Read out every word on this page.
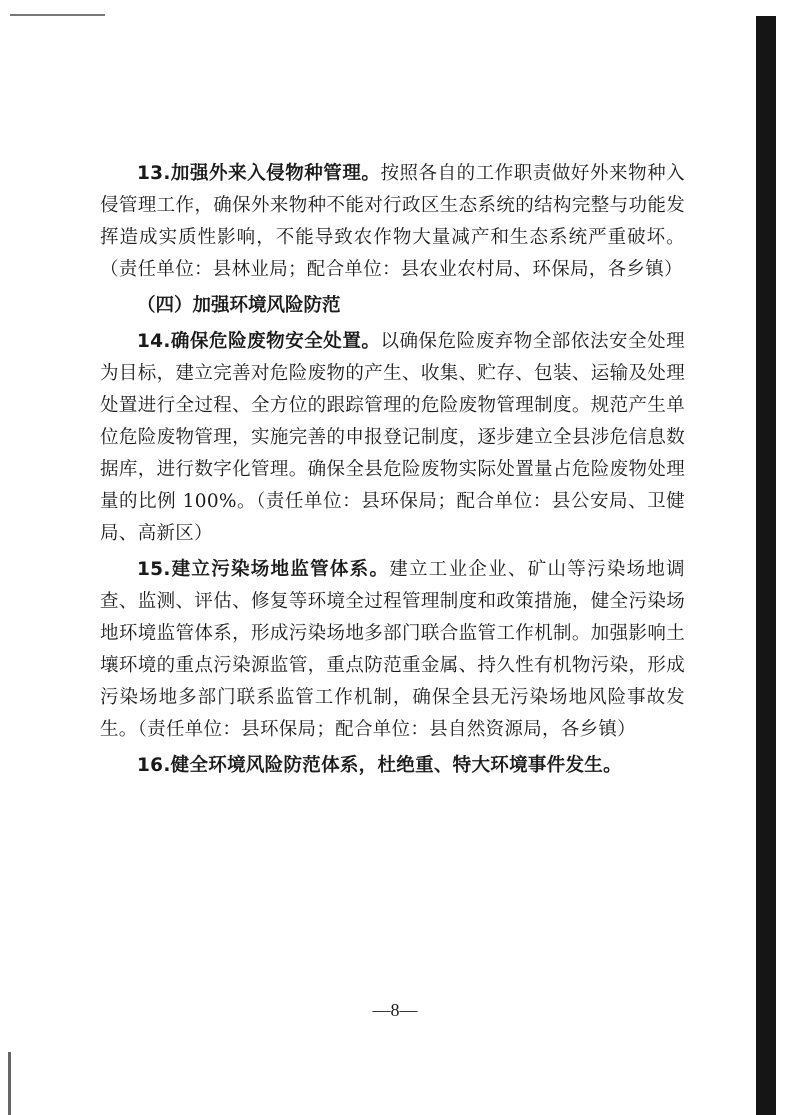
13.加强外来入侵物种管理。按照各自的工作职责做好外来物种入侵管理工作，确保外来物种不能对行政区生态系统的结构完整与功能发挥造成实质性影响，不能导致农作物大量减产和生态系统严重破坏。（责任单位：县林业局；配合单位：县农业农村局、环保局，各乡镇）

（四）加强环境风险防范

14.确保危险废物安全处置。以确保危险废弃物全部依法安全处理为目标，建立完善对危险废物的产生、收集、贮存、包装、运输及处理处置进行全过程、全方位的跟踪管理的危险废物管理制度。规范产生单位危险废物管理，实施完善的申报登记制度，逐步建立全县涉危信息数据库，进行数字化管理。确保全县危险废物实际处置量占危险废物处理量的比例 100%。（责任单位：县环保局；配合单位：县公安局、卫健局、高新区）

15.建立污染场地监管体系。建立工业企业、矿山等污染场地调查、监测、评估、修复等环境全过程管理制度和政策措施，健全污染场地环境监管体系，形成污染场地多部门联合监管工作机制。加强影响土壤环境的重点污染源监管，重点防范重金属、持久性有机物污染，形成污染场地多部门联系监管工作机制，确保全县无污染场地风险事故发生。（责任单位：县环保局；配合单位：县自然资源局，各乡镇）

16.健全环境风险防范体系，杜绝重、特大环境事件发生。

—8—
